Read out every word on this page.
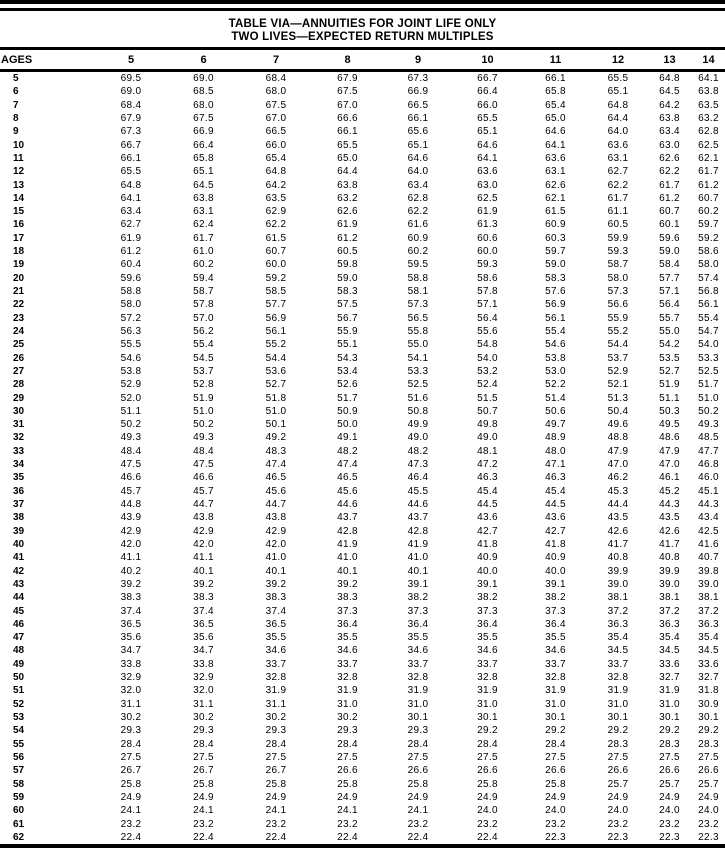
TABLE VIA—ANNUITIES FOR JOINT LIFE ONLY
TWO LIVES—EXPECTED RETURN MULTIPLES
AGES	5	6	7	8	9	10	11	12	13	14
5	69.5	69.0	68.4	67.9	67.3	66.7	66.1	65.5	64.8	64.1
6	69.0	68.5	68.0	67.5	66.9	66.4	65.8	65.1	64.5	63.8
7	68.4	68.0	67.5	67.0	66.5	66.0	65.4	64.8	64.2	63.5
8	67.9	67.5	67.0	66.6	66.1	65.5	65.0	64.4	63.8	63.2
9	67.3	66.9	66.5	66.1	65.6	65.1	64.6	64.0	63.4	62.8
10	66.7	66.4	66.0	65.5	65.1	64.6	64.1	63.6	63.0	62.5
11	66.1	65.8	65.4	65.0	64.6	64.1	63.6	63.1	62.6	62.1
12	65.5	65.1	64.8	64.4	64.0	63.6	63.1	62.7	62.2	61.7
13	64.8	64.5	64.2	63.8	63.4	63.0	62.6	62.2	61.7	61.2
14	64.1	63.8	63.5	63.2	62.8	62.5	62.1	61.7	61.2	60.7
15	63.4	63.1	62.9	62.6	62.2	61.9	61.5	61.1	60.7	60.2
16	62.7	62.4	62.2	61.9	61.6	61.3	60.9	60.5	60.1	59.7
17	61.9	61.7	61.5	61.2	60.9	60.6	60.3	59.9	59.6	59.2
18	61.2	61.0	60.7	60.5	60.2	60.0	59.7	59.3	59.0	58.6
19	60.4	60.2	60.0	59.8	59.5	59.3	59.0	58.7	58.4	58.0
20	59.6	59.4	59.2	59.0	58.8	58.6	58.3	58.0	57.7	57.4
21	58.8	58.7	58.5	58.3	58.1	57.8	57.6	57.3	57.1	56.8
22	58.0	57.8	57.7	57.5	57.3	57.1	56.9	56.6	56.4	56.1
23	57.2	57.0	56.9	56.7	56.5	56.4	56.1	55.9	55.7	55.4
24	56.3	56.2	56.1	55.9	55.8	55.6	55.4	55.2	55.0	54.7
25	55.5	55.4	55.2	55.1	55.0	54.8	54.6	54.4	54.2	54.0
26	54.6	54.5	54.4	54.3	54.1	54.0	53.8	53.7	53.5	53.3
27	53.8	53.7	53.6	53.4	53.3	53.2	53.0	52.9	52.7	52.5
28	52.9	52.8	52.7	52.6	52.5	52.4	52.2	52.1	51.9	51.7
29	52.0	51.9	51.8	51.7	51.6	51.5	51.4	51.3	51.1	51.0
30	51.1	51.0	51.0	50.9	50.8	50.7	50.6	50.4	50.3	50.2
31	50.2	50.2	50.1	50.0	49.9	49.8	49.7	49.6	49.5	49.3
32	49.3	49.3	49.2	49.1	49.0	49.0	48.9	48.8	48.6	48.5
33	48.4	48.4	48.3	48.2	48.2	48.1	48.0	47.9	47.9	47.7
34	47.5	47.5	47.4	47.4	47.3	47.2	47.1	47.0	47.0	46.8
35	46.6	46.6	46.5	46.5	46.4	46.3	46.3	46.2	46.1	46.0
36	45.7	45.7	45.6	45.6	45.5	45.4	45.4	45.3	45.2	45.1
37	44.8	44.7	44.7	44.6	44.6	44.5	44.5	44.4	44.3	44.3
38	43.9	43.8	43.8	43.7	43.7	43.6	43.6	43.5	43.5	43.4
39	42.9	42.9	42.9	42.8	42.8	42.7	42.7	42.6	42.6	42.5
40	42.0	42.0	42.0	41.9	41.9	41.8	41.8	41.7	41.7	41.6
41	41.1	41.1	41.0	41.0	41.0	40.9	40.9	40.8	40.8	40.7
42	40.2	40.1	40.1	40.1	40.1	40.0	40.0	39.9	39.9	39.8
43	39.2	39.2	39.2	39.2	39.1	39.1	39.1	39.0	39.0	39.0
44	38.3	38.3	38.3	38.3	38.2	38.2	38.2	38.1	38.1	38.1
45	37.4	37.4	37.4	37.3	37.3	37.3	37.3	37.2	37.2	37.2
46	36.5	36.5	36.5	36.4	36.4	36.4	36.4	36.3	36.3	36.3
47	35.6	35.6	35.5	35.5	35.5	35.5	35.5	35.4	35.4	35.4
48	34.7	34.7	34.6	34.6	34.6	34.6	34.6	34.5	34.5	34.5
49	33.8	33.8	33.7	33.7	33.7	33.7	33.7	33.7	33.6	33.6
50	32.9	32.9	32.8	32.8	32.8	32.8	32.8	32.8	32.7	32.7
51	32.0	32.0	31.9	31.9	31.9	31.9	31.9	31.9	31.9	31.8
52	31.1	31.1	31.1	31.0	31.0	31.0	31.0	31.0	31.0	30.9
53	30.2	30.2	30.2	30.2	30.1	30.1	30.1	30.1	30.1	30.1
54	29.3	29.3	29.3	29.3	29.3	29.2	29.2	29.2	29.2	29.2
55	28.4	28.4	28.4	28.4	28.4	28.4	28.4	28.3	28.3	28.3
56	27.5	27.5	27.5	27.5	27.5	27.5	27.5	27.5	27.5	27.5
57	26.7	26.7	26.7	26.6	26.6	26.6	26.6	26.6	26.6	26.6
58	25.8	25.8	25.8	25.8	25.8	25.8	25.8	25.7	25.7	25.7
59	24.9	24.9	24.9	24.9	24.9	24.9	24.9	24.9	24.9	24.9
60	24.1	24.1	24.1	24.1	24.1	24.0	24.0	24.0	24.0	24.0
61	23.2	23.2	23.2	23.2	23.2	23.2	23.2	23.2	23.2	23.2
62	22.4	22.4	22.4	22.4	22.4	22.4	22.3	22.3	22.3	22.3
